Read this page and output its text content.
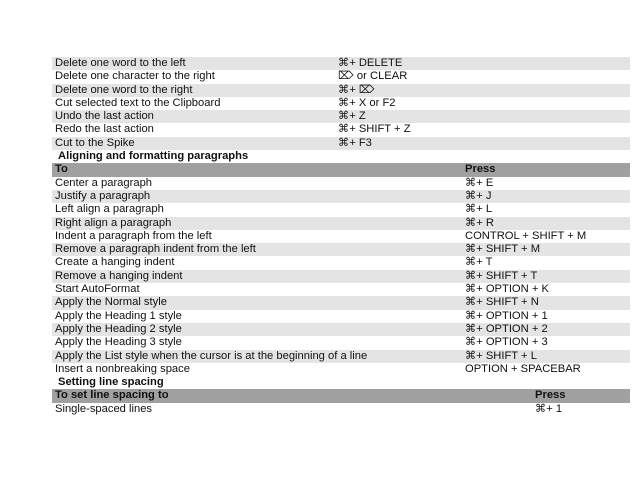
Delete one word to the left	⌘+ DELETE
Delete one character to the right	⌦ or CLEAR
Delete one word to the right	⌘+ ⌦
Cut selected text to the Clipboard	⌘+ X or F2
Undo the last action	⌘+ Z
Redo the last action	⌘+ SHIFT + Z
Cut to the Spike	⌘+ F3
Aligning and formatting paragraphs
To	Press
Center a paragraph	⌘+ E
Justify a paragraph	⌘+ J
Left align a paragraph	⌘+ L
Right align a paragraph	⌘+ R
Indent a paragraph from the left	CONTROL + SHIFT + M
Remove a paragraph indent from the left	⌘+ SHIFT + M
Create a hanging indent	⌘+ T
Remove a hanging indent	⌘+ SHIFT + T
Start AutoFormat	⌘+ OPTION + K
Apply the Normal style	⌘+ SHIFT + N
Apply the Heading 1 style	⌘+ OPTION + 1
Apply the Heading 2 style	⌘+ OPTION + 2
Apply the Heading 3 style	⌘+ OPTION + 3
Apply the List style when the cursor is at the beginning of a line	⌘+ SHIFT + L
Insert a nonbreaking space	OPTION + SPACEBAR
Setting line spacing
To set line spacing to	Press
Single-spaced lines	⌘+ 1
